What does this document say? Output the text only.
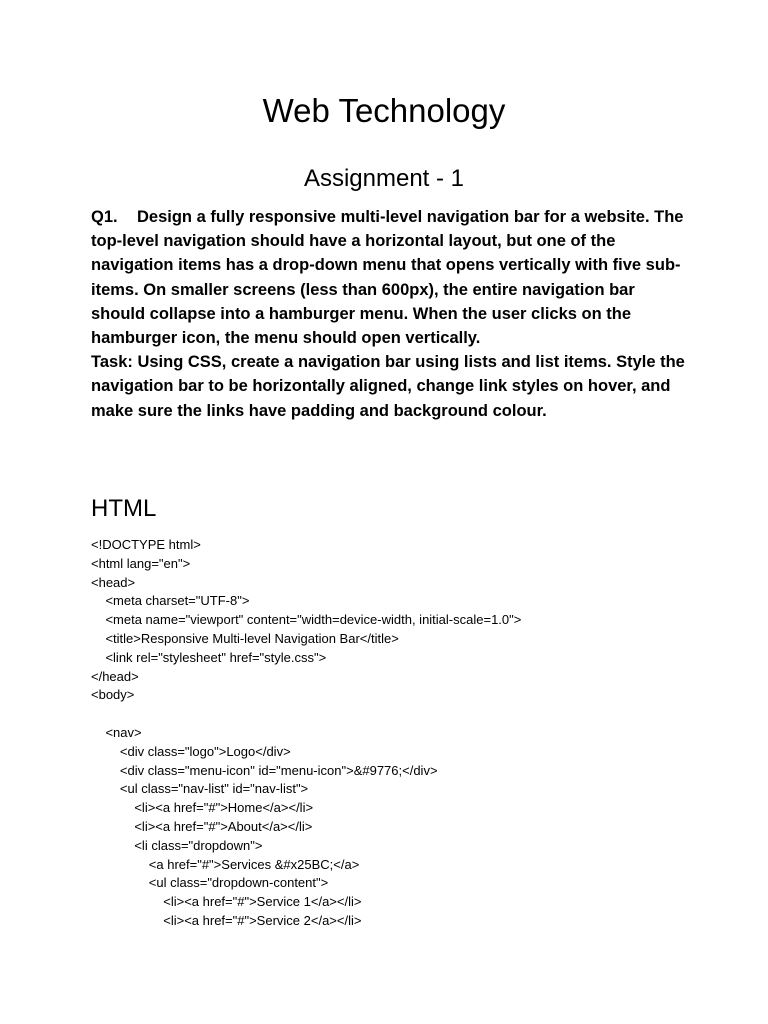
Web Technology
Assignment - 1

Q1. Design a fully responsive multi-level navigation bar for a website. The top-level navigation should have a horizontal layout, but one of the navigation items has a drop-down menu that opens vertically with five sub-items. On smaller screens (less than 600px), the entire navigation bar should collapse into a hamburger menu. When the user clicks on the hamburger icon, the menu should open vertically.

Task: Using CSS, create a navigation bar using lists and list items. Style the navigation bar to be horizontally aligned, change link styles on hover, and make sure the links have padding and background colour.

HTML
<!DOCTYPE html>
<html lang="en">
<head>
<meta charset="UTF-8">
<meta name="viewport" content="width=device-width, initial-scale=1.0">
<title>Responsive Multi-level Navigation Bar</title>
<link rel="stylesheet" href="style.css">
</head>
<body>
<nav>
<div class="logo">Logo</div>
<div class="menu-icon" id="menu-icon">&#9776;</div>
<ul class="nav-list" id="nav-list">
<li><a href="#">Home</a></li>
<li><a href="#">About</a></li>
<li class="dropdown">
<a href="#">Services &#x25BC;</a>
<ul class="dropdown-content">
<li><a href="#">Service 1</a></li>
<li><a href="#">Service 2</a></li>
